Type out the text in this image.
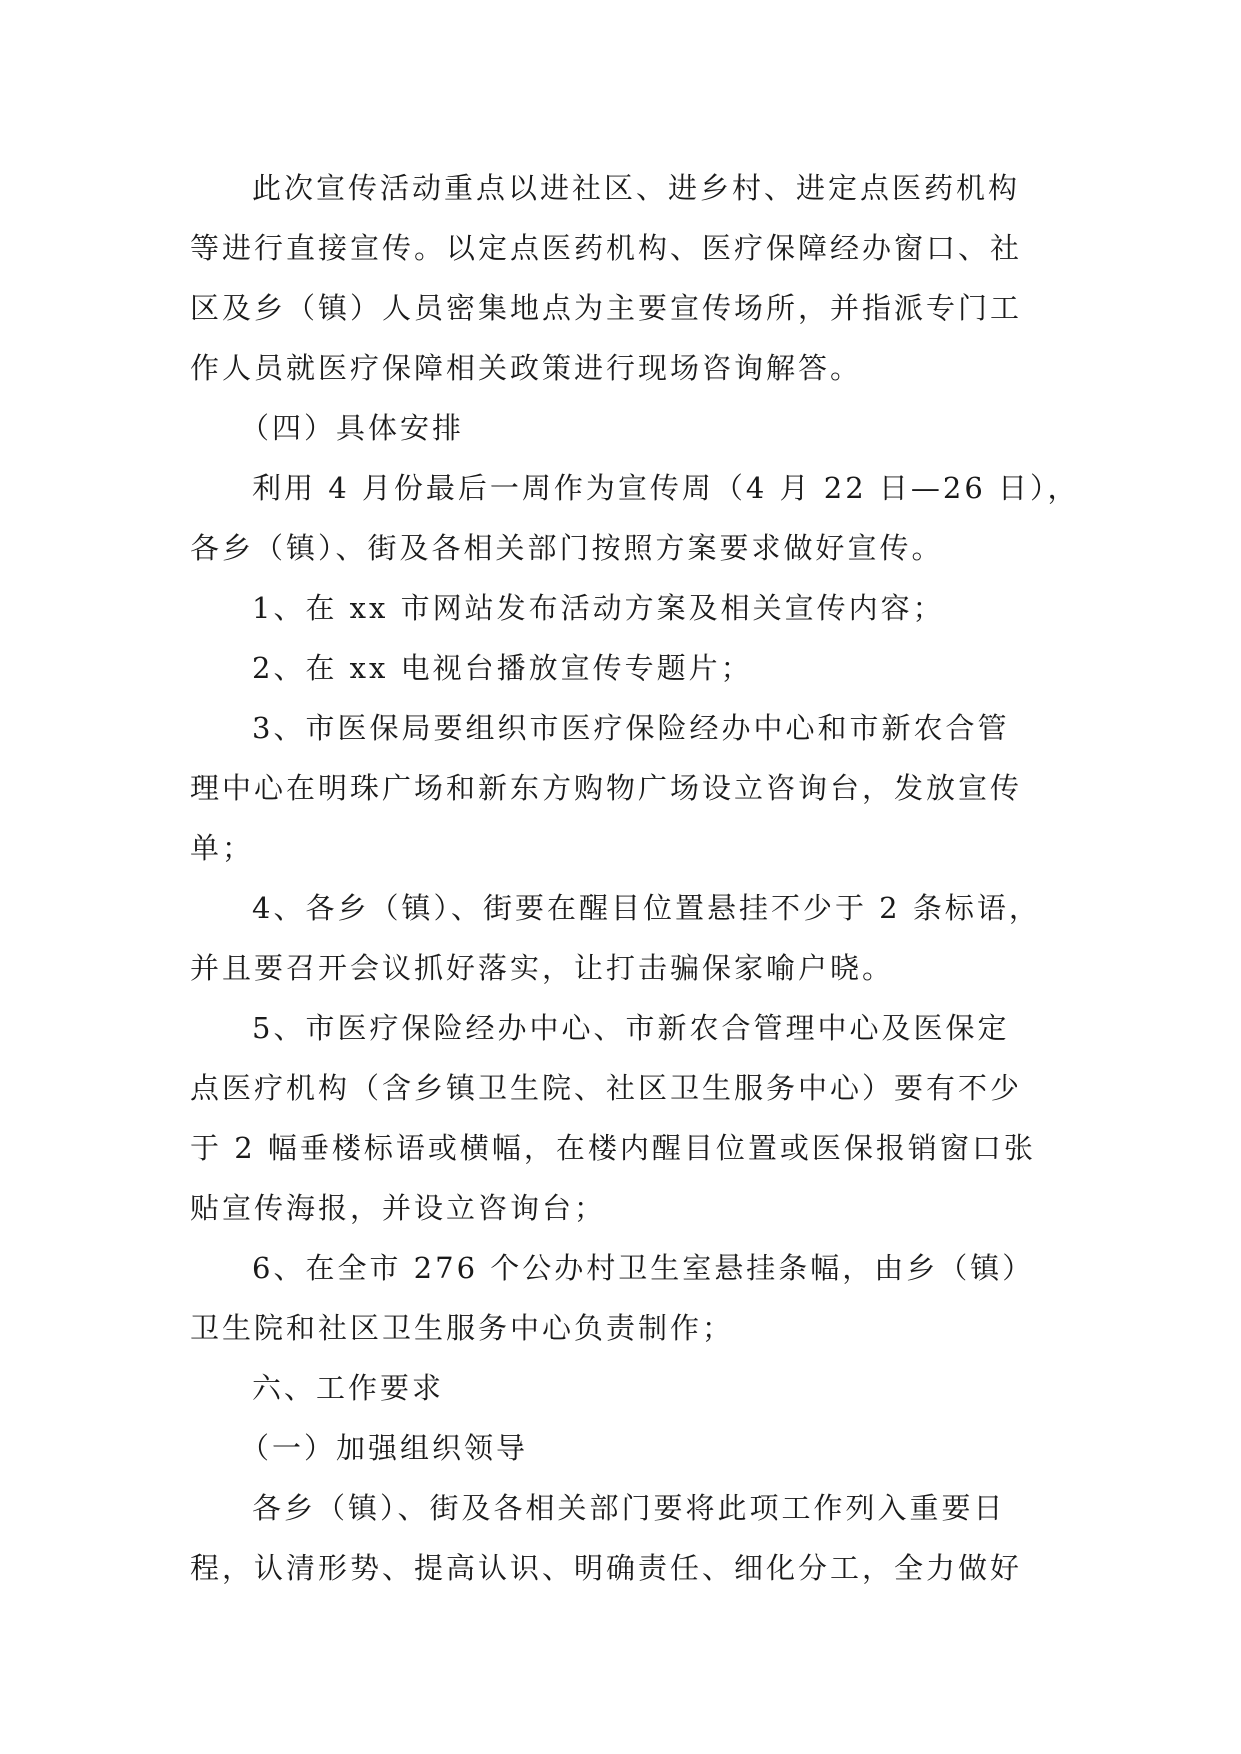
此次宣传活动重点以进社区、进乡村、进定点医药机构
等进行直接宣传。以定点医药机构、医疗保障经办窗口、社
区及乡（镇）人员密集地点为主要宣传场所，并指派专门工
作人员就医疗保障相关政策进行现场咨询解答。
（四）具体安排
利用 4 月份最后一周作为宣传周（4 月 22 日—26 日），
各乡（镇）、街及各相关部门按照方案要求做好宣传。
1、在 xx 市网站发布活动方案及相关宣传内容；
2、在 xx 电视台播放宣传专题片；
3、市医保局要组织市医疗保险经办中心和市新农合管
理中心在明珠广场和新东方购物广场设立咨询台，发放宣传
单；
4、各乡（镇）、街要在醒目位置悬挂不少于 2 条标语，
并且要召开会议抓好落实，让打击骗保家喻户晓。
5、市医疗保险经办中心、市新农合管理中心及医保定
点医疗机构（含乡镇卫生院、社区卫生服务中心）要有不少
于 2 幅垂楼标语或横幅，在楼内醒目位置或医保报销窗口张
贴宣传海报，并设立咨询台；
6、在全市 276 个公办村卫生室悬挂条幅，由乡（镇）
卫生院和社区卫生服务中心负责制作；
六、工作要求
（一）加强组织领导
各乡（镇）、街及各相关部门要将此项工作列入重要日
程，认清形势、提高认识、明确责任、细化分工，全力做好
